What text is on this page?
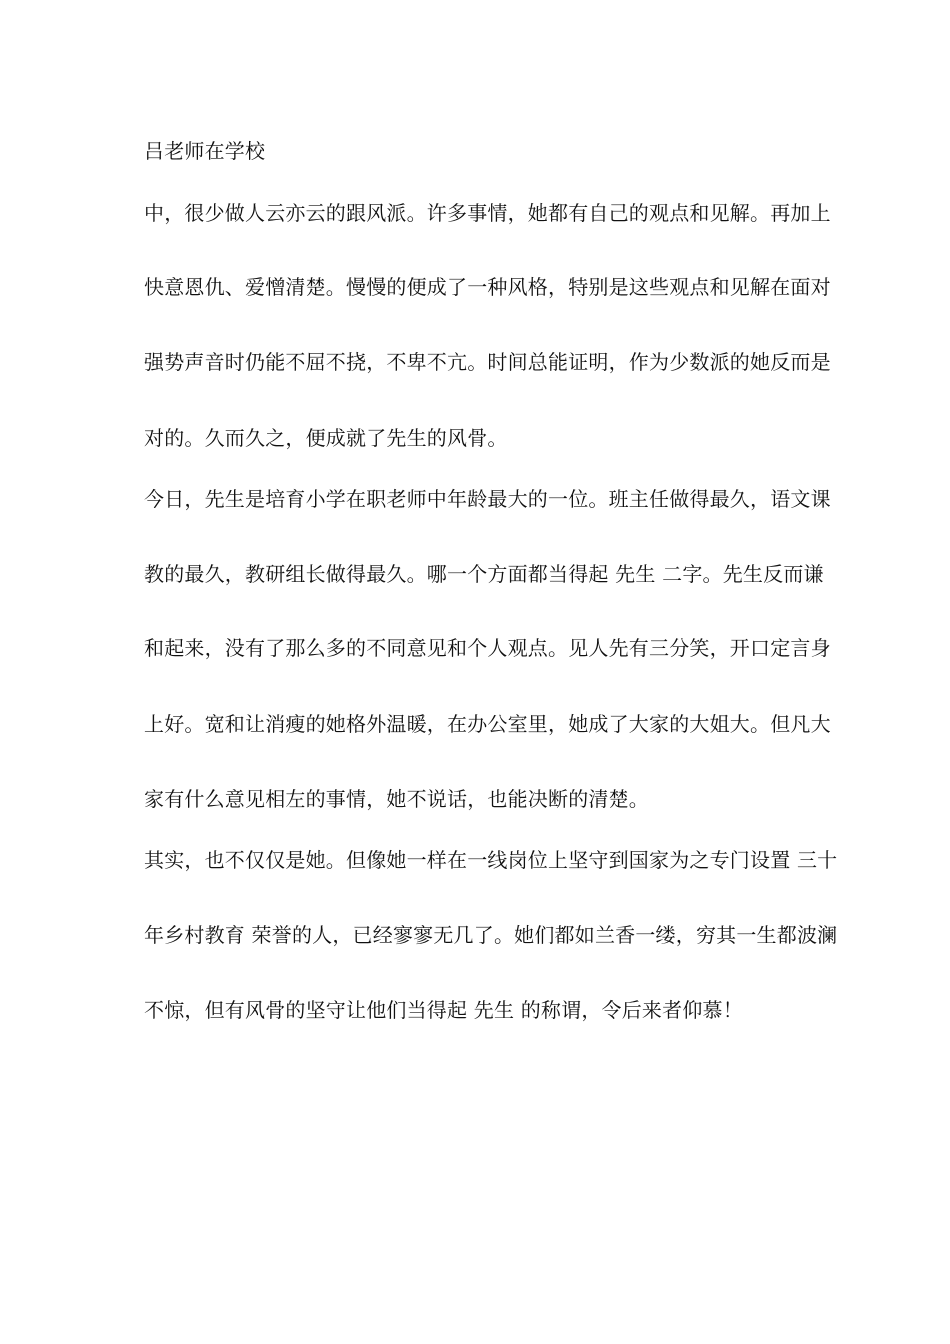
吕老师在学校
中，很少做人云亦云的跟风派。许多事情，她都有自己的观点和见解。再加上
快意恩仇、爱憎清楚。慢慢的便成了一种风格，特别是这些观点和见解在面对
强势声音时仍能不屈不挠，不卑不亢。时间总能证明，作为少数派的她反而是
对的。久而久之，便成就了先生的风骨。
今日，先生是培育小学在职老师中年龄最大的一位。班主任做得最久，语文课
教的最久，教研组长做得最久。哪一个方面都当得起 先生 二字。先生反而谦
和起来，没有了那么多的不同意见和个人观点。见人先有三分笑，开口定言身
上好。宽和让消瘦的她格外温暖，在办公室里，她成了大家的大姐大。但凡大
家有什么意见相左的事情，她不说话，也能决断的清楚。
其实，也不仅仅是她。但像她一样在一线岗位上坚守到国家为之专门设置 三十
年乡村教育 荣誉的人，已经寥寥无几了。她们都如兰香一缕，穷其一生都波澜
不惊，但有风骨的坚守让他们当得起 先生 的称谓，令后来者仰慕！
